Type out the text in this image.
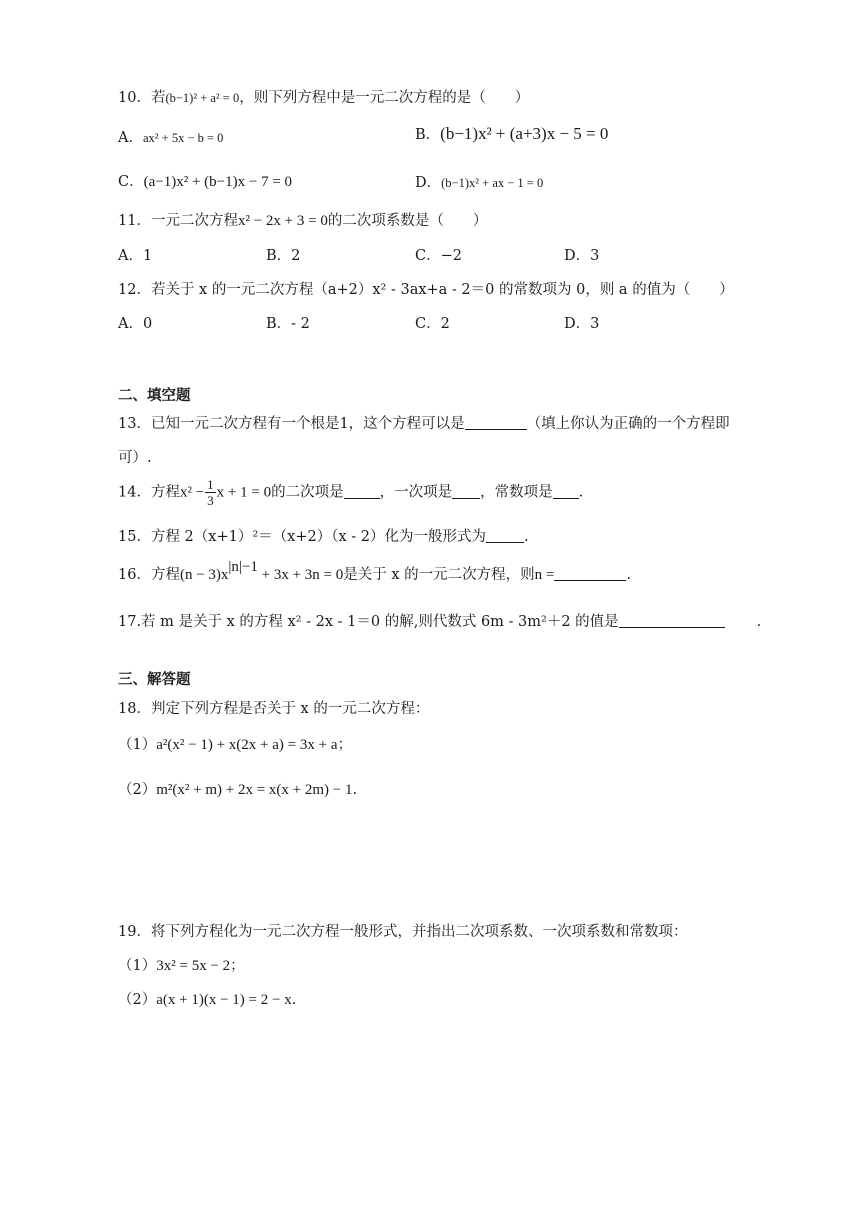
10．若(b−1)² + a² = 0，则下列方程中是一元二次方程的是（　　）
A．ax² + 5x − b = 0	B．(b−1)x² + (a+3)x − 5 = 0
C．(a−1)x² + (b−1)x − 7 = 0	D．(b−1)x² + ax − 1 = 0
11．一元二次方程x² − 2x + 3 = 0的二次项系数是（　　）
A．1	B．2	C．−2	D．3
12．若关于 x 的一元二次方程（a+2）x² ‐ 3ax+a ‐ 2＝0 的常数项为 0，则 a 的值为（　　）
A．0	B．‐ 2	C．2	D．3
二、填空题
13．已知一元二次方程有一个根是1，这个方程可以是	（填上你认为正确的一个方程即
可）.
14．方程$x^2 - \frac{1}{3}$ x + 1 = 0的二次项是 ，一次项是 ，常数项是 .
15．方程 2（x+1）²＝（x+2）（x ‐ 2）化为一般形式为	.
16．方程$(n - 3)x^{|n|-1} + 3x + 3n = 0$是关于 x 的一元二次方程，则n =	.
17.若 m 是关于 x 的方程 x² ‐ 2x ‐ 1＝0 的解,则代数式 6m ‐ 3m²＋2 的值是	.
三、解答题
18．判定下列方程是否关于 x 的一元二次方程：
（1）a²(x² − 1) + x(2x + a) = 3x + a；
（2）m²(x² + m) + 2x = x(x + 2m) − 1.
19．将下列方程化为一元二次方程一般形式，并指出二次项系数、一次项系数和常数项：
（1）3x² = 5x − 2；
（2）a(x + 1)(x − 1) = 2 − x.
